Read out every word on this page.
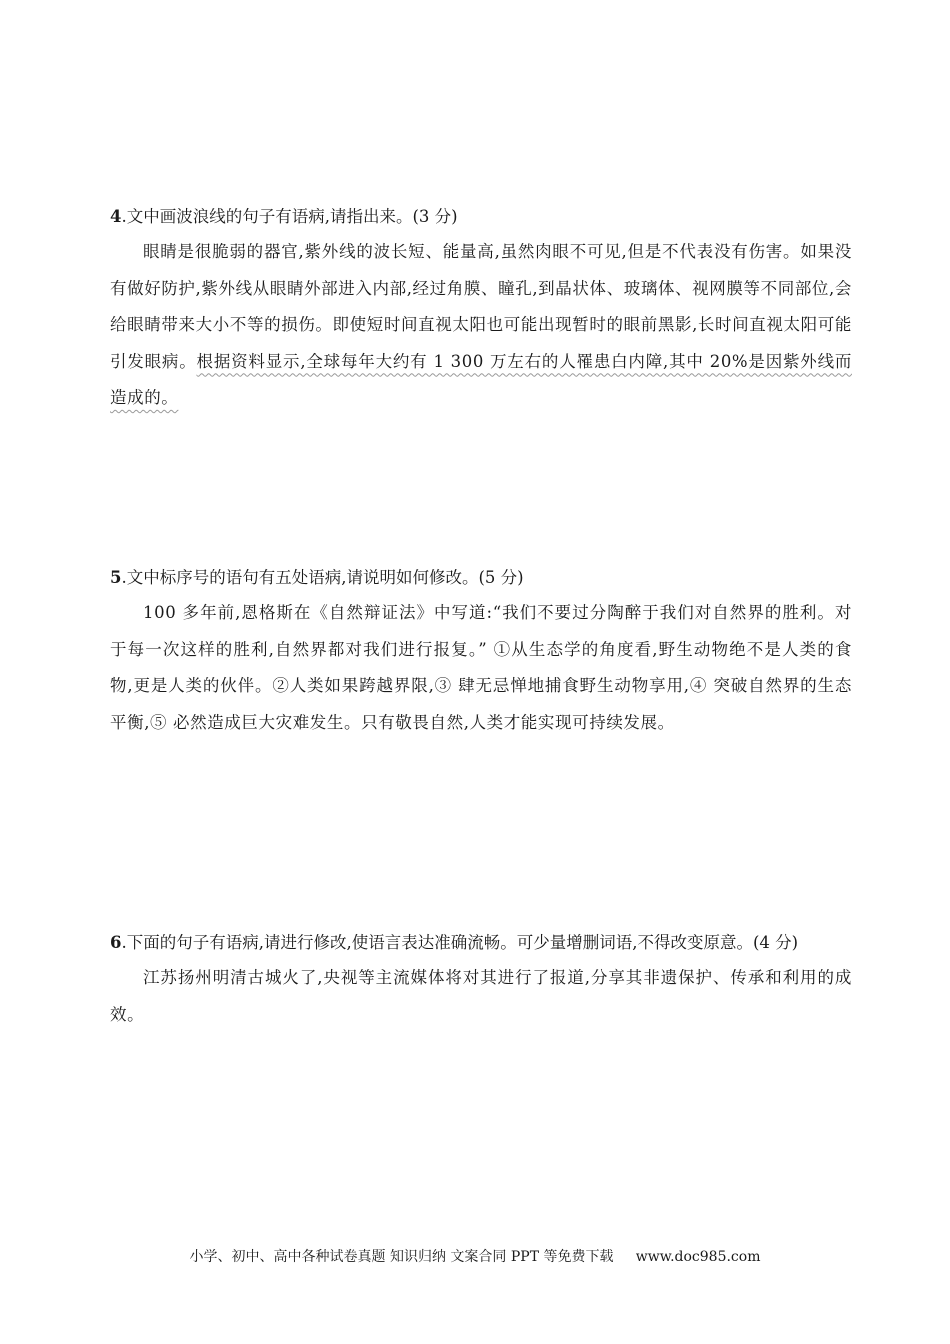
4.文中画波浪线的句子有语病,请指出来。(3 分)

眼睛是很脆弱的器官,紫外线的波长短、能量高,虽然肉眼不可见,但是不代表没有伤害。如果没有做好防护,紫外线从眼睛外部进入内部,经过角膜、瞳孔,到晶状体、玻璃体、视网膜等不同部位,会给眼睛带来大小不等的损伤。即使短时间直视太阳也可能出现暂时的眼前黑影,长时间直视太阳可能引发眼病。根据资料显示,全球每年大约有 1 300 万左右的人罹患白内障,其中 20%是因紫外线而造成的。

5.文中标序号的语句有五处语病,请说明如何修改。(5 分)

100 多年前,恩格斯在《自然辩证法》中写道:“我们不要过分陶醉于我们对自然界的胜利。对于每一次这样的胜利,自然界都对我们进行报复。” ①从生态学的角度看,野生动物绝不是人类的食物,更是人类的伙伴。②人类如果跨越界限,③ 肆无忌惮地捕食野生动物享用,④ 突破自然界的生态平衡,⑤ 必然造成巨大灾难发生。只有敬畏自然,人类才能实现可持续发展。

6.下面的句子有语病,请进行修改,使语言表达准确流畅。可少量增删词语,不得改变原意。(4 分)

江苏扬州明清古城火了,央视等主流媒体将对其进行了报道,分享其非遗保护、传承和利用的成效。

小学、初中、高中各种试卷真题 知识归纳 文案合同 PPT 等免费下载 www.doc985.com
